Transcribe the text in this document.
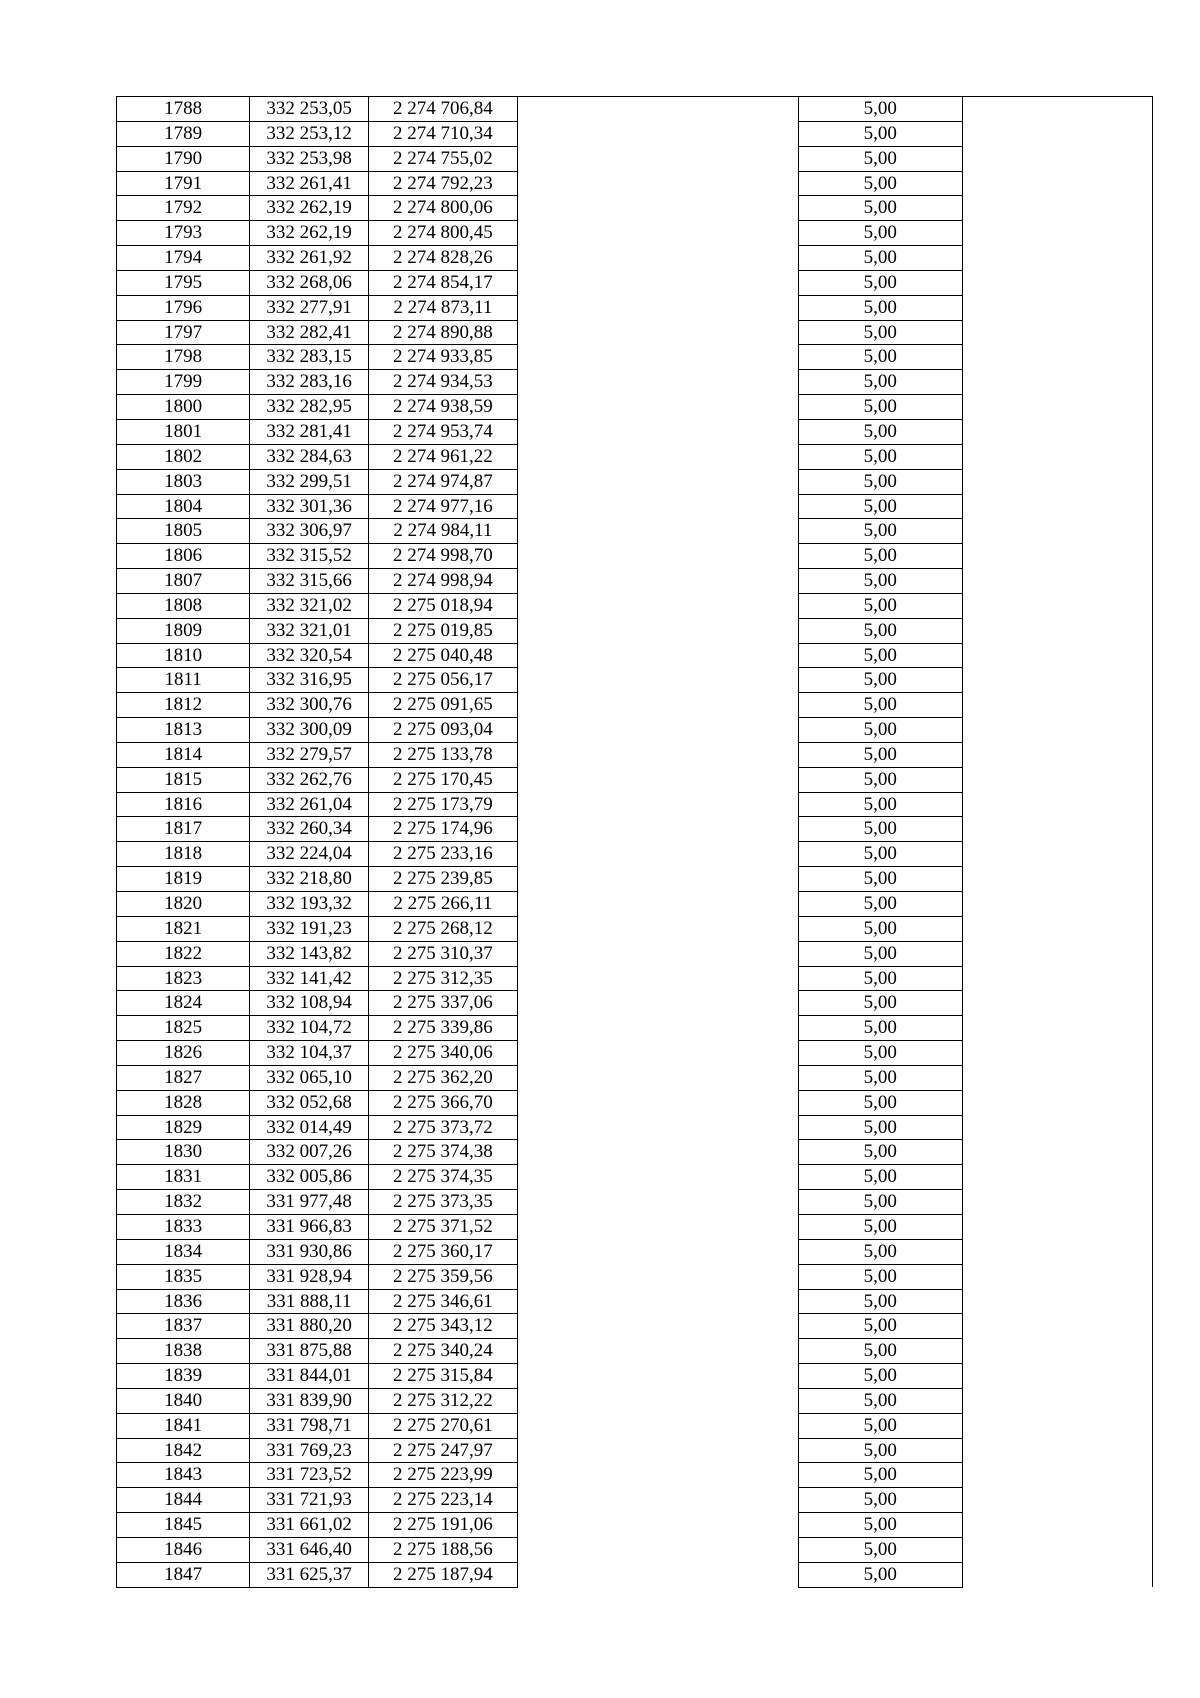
1788	332 253,05	2 274 706,84		5,00	
1789	332 253,12	2 274 710,34		5,00	
1790	332 253,98	2 274 755,02		5,00	
1791	332 261,41	2 274 792,23		5,00	
1792	332 262,19	2 274 800,06		5,00	
1793	332 262,19	2 274 800,45		5,00	
1794	332 261,92	2 274 828,26		5,00	
1795	332 268,06	2 274 854,17		5,00	
1796	332 277,91	2 274 873,11		5,00	
1797	332 282,41	2 274 890,88		5,00	
1798	332 283,15	2 274 933,85		5,00	
1799	332 283,16	2 274 934,53		5,00	
1800	332 282,95	2 274 938,59		5,00	
1801	332 281,41	2 274 953,74		5,00	
1802	332 284,63	2 274 961,22		5,00	
1803	332 299,51	2 274 974,87		5,00	
1804	332 301,36	2 274 977,16		5,00	
1805	332 306,97	2 274 984,11		5,00	
1806	332 315,52	2 274 998,70		5,00	
1807	332 315,66	2 274 998,94		5,00	
1808	332 321,02	2 275 018,94		5,00	
1809	332 321,01	2 275 019,85		5,00	
1810	332 320,54	2 275 040,48		5,00	
1811	332 316,95	2 275 056,17		5,00	
1812	332 300,76	2 275 091,65		5,00	
1813	332 300,09	2 275 093,04		5,00	
1814	332 279,57	2 275 133,78		5,00	
1815	332 262,76	2 275 170,45		5,00	
1816	332 261,04	2 275 173,79		5,00	
1817	332 260,34	2 275 174,96		5,00	
1818	332 224,04	2 275 233,16		5,00	
1819	332 218,80	2 275 239,85		5,00	
1820	332 193,32	2 275 266,11		5,00	
1821	332 191,23	2 275 268,12		5,00	
1822	332 143,82	2 275 310,37		5,00	
1823	332 141,42	2 275 312,35		5,00	
1824	332 108,94	2 275 337,06		5,00	
1825	332 104,72	2 275 339,86		5,00	
1826	332 104,37	2 275 340,06		5,00	
1827	332 065,10	2 275 362,20		5,00	
1828	332 052,68	2 275 366,70		5,00	
1829	332 014,49	2 275 373,72		5,00	
1830	332 007,26	2 275 374,38		5,00	
1831	332 005,86	2 275 374,35		5,00	
1832	331 977,48	2 275 373,35		5,00	
1833	331 966,83	2 275 371,52		5,00	
1834	331 930,86	2 275 360,17		5,00	
1835	331 928,94	2 275 359,56		5,00	
1836	331 888,11	2 275 346,61		5,00	
1837	331 880,20	2 275 343,12		5,00	
1838	331 875,88	2 275 340,24		5,00	
1839	331 844,01	2 275 315,84		5,00	
1840	331 839,90	2 275 312,22		5,00	
1841	331 798,71	2 275 270,61		5,00	
1842	331 769,23	2 275 247,97		5,00	
1843	331 723,52	2 275 223,99		5,00	
1844	331 721,93	2 275 223,14		5,00	
1845	331 661,02	2 275 191,06		5,00	
1846	331 646,40	2 275 188,56		5,00	
1847	331 625,37	2 275 187,94		5,00	
